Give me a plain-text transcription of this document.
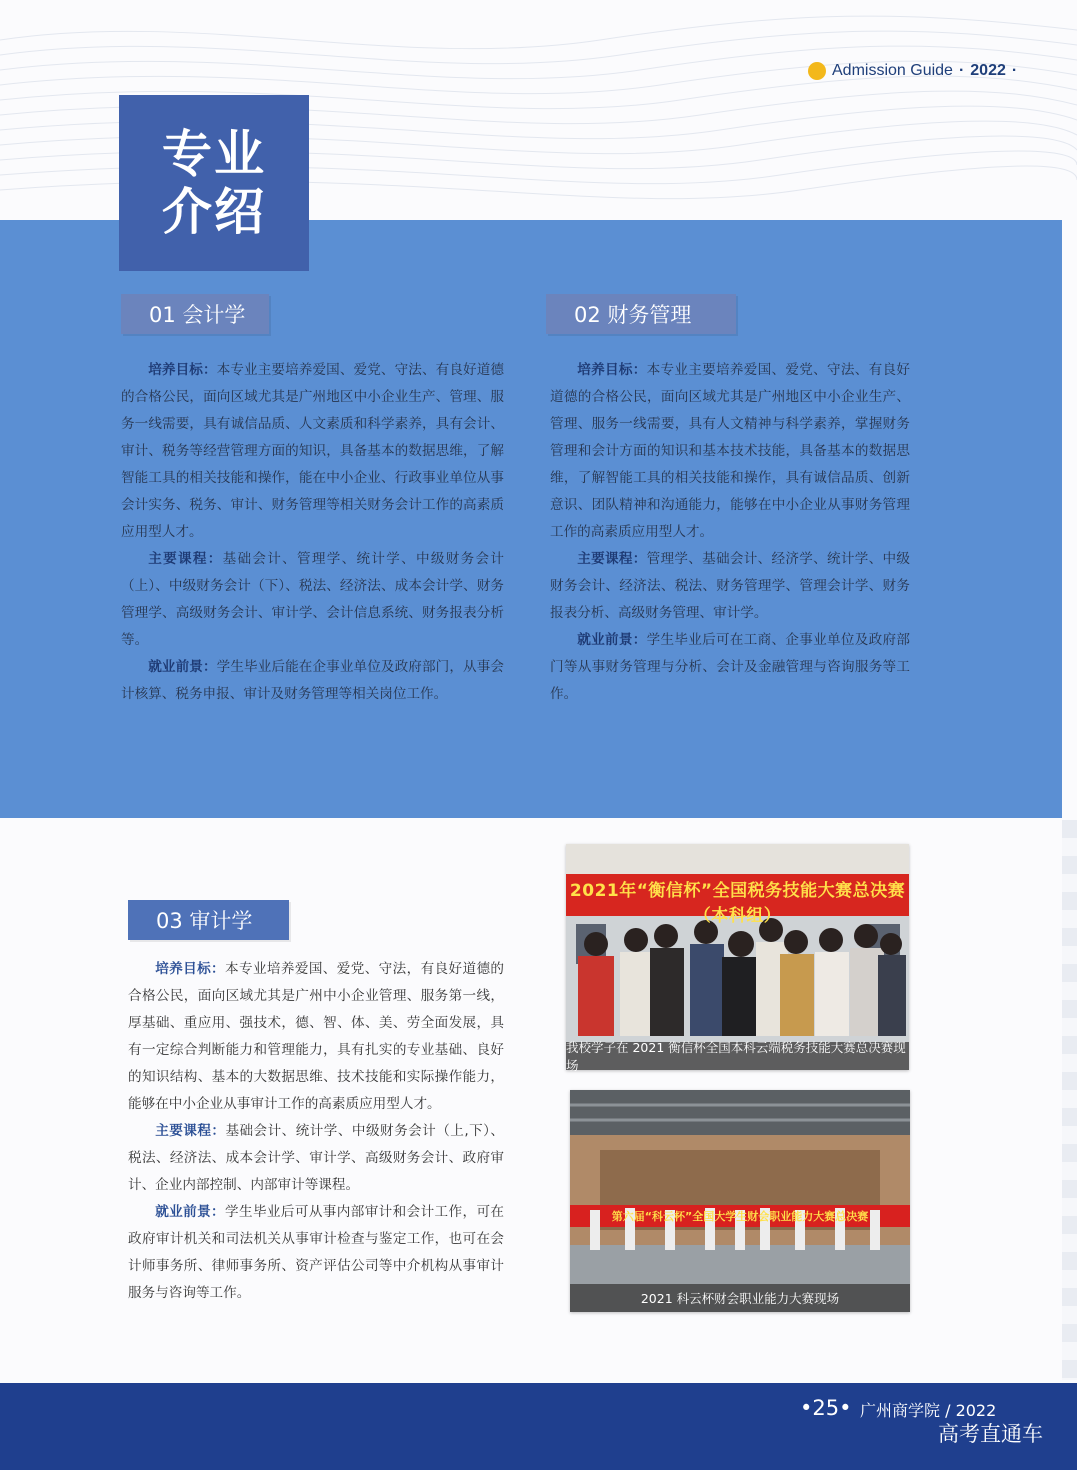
Admission Guide · 2022 ·
专业
介绍
01 会计学

培养目标：本专业主要培养爱国、爱党、守法、有良好道德的合格公民，面向区域尤其是广州地区中小企业生产、管理、服务一线需要，具有诚信品质、人文素质和科学素养，具有会计、审计、税务等经营管理方面的知识，具备基本的数据思维，了解智能工具的相关技能和操作，能在中小企业、行政事业单位从事会计实务、税务、审计、财务管理等相关财务会计工作的高素质应用型人才。

主要课程：基础会计、管理学、统计学、中级财务会计（上）、中级财务会计（下）、税法、经济法、成本会计学、财务管理学、高级财务会计、审计学、会计信息系统、财务报表分析等。

就业前景：学生毕业后能在企事业单位及政府部门，从事会计核算、税务申报、审计及财务管理等相关岗位工作。

02 财务管理

培养目标：本专业主要培养爱国、爱党、守法、有良好道德的合格公民，面向区域尤其是广州地区中小企业生产、管理、服务一线需要，具有人文精神与科学素养，掌握财务管理和会计方面的知识和基本技术技能，具备基本的数据思维，了解智能工具的相关技能和操作，具有诚信品质、创新意识、团队精神和沟通能力，能够在中小企业从事财务管理工作的高素质应用型人才。

主要课程：管理学、基础会计、经济学、统计学、中级财务会计、经济法、税法、财务管理学、管理会计学、财务报表分析、高级财务管理、审计学。

就业前景：学生毕业后可在工商、企事业单位及政府部门等从事财务管理与分析、会计及金融管理与咨询服务等工作。

03 审计学

培养目标：本专业培养爱国、爱党、守法，有良好道德的合格公民，面向区域尤其是广州中小企业管理、服务第一线，厚基础、重应用、强技术，德、智、体、美、劳全面发展，具有一定综合判断能力和管理能力，具有扎实的专业基础、良好的知识结构、基本的大数据思维、技术技能和实际操作能力，能够在中小企业从事审计工作的高素质应用型人才。

主要课程：基础会计、统计学、中级财务会计（上,下）、税法、经济法、成本会计学、审计学、高级财务会计、政府审计、企业内部控制、内部审计等课程。

就业前景：学生毕业后可从事内部审计和会计工作，可在政府审计机关和司法机关从事审计检查与鉴定工作，也可在会计师事务所、律师事务所、资产评估公司等中介机构从事审计服务与咨询等工作。

2021年“衡信杯”全国税务技能大赛总决赛（本科组）
我校学子在 2021 衡信杯全国本科云端税务技能大赛总决赛现场
第六届“科云杯”全国大学生财会职业能力大赛总决赛
2021 科云杯财会职业能力大赛现场
•25• 广州商学院 / 2022
高考直通车
